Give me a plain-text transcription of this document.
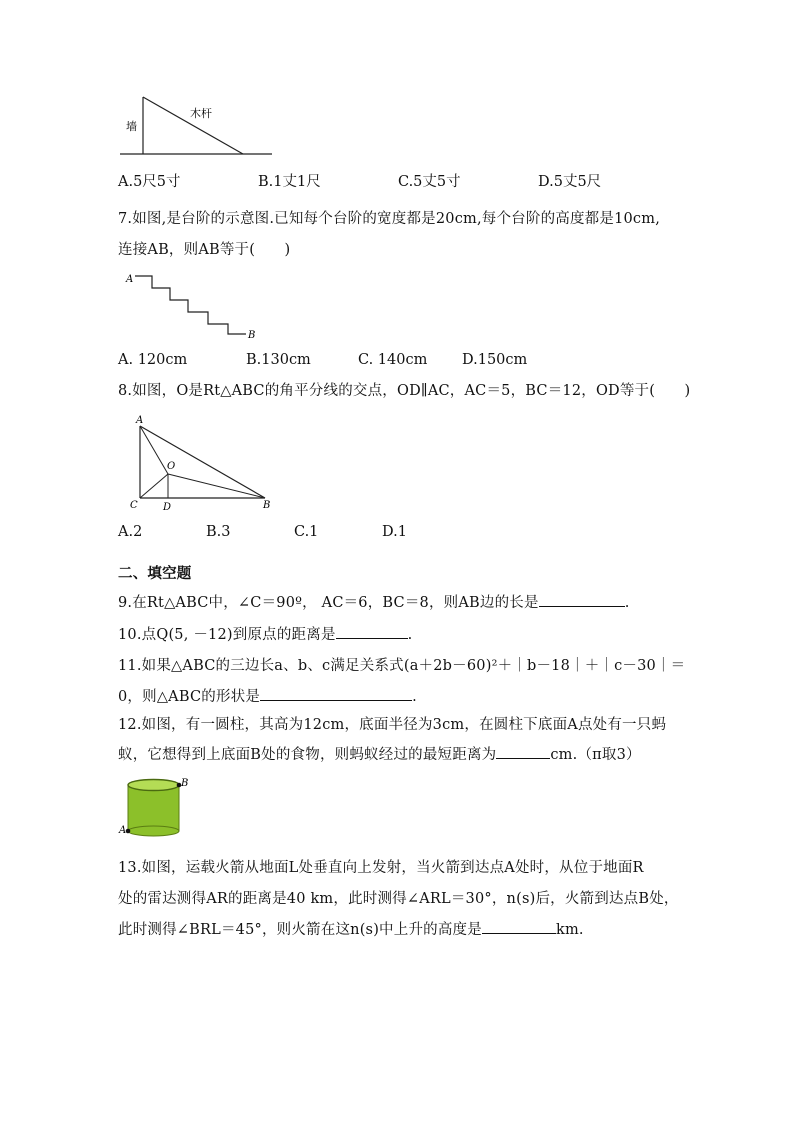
墙
木杆
A.5尺5寸	B.1丈1尺	C.5丈5寸	D.5丈5尺
7.如图,是台阶的示意图.已知每个台阶的宽度都是20cm,每个台阶的高度都是10cm,
连接AB，则AB等于(　　)
A
B
A. 120cm	B.130cm	C. 140cm D.150cm
8.如图，O是Rt△ABC的角平分线的交点，OD∥AC，AC＝5，BC＝12，OD等于(　　)
A
O
C	D	B
A.2	B.3	C.1	D.1
二、填空题
9.在Rt△ABC中，∠C＝90º， AC＝6，BC＝8，则AB边的长是	.
10.点Q(5, －12)到原点的距离是	.
11.如果△ABC的三边长a、b、c满足关系式(a＋2b－60)²＋｜b－18｜＋｜c－30｜＝
0，则△ABC的形状是	.
12.如图，有一圆柱，其高为12cm，底面半径为3cm，在圆柱下底面A点处有一只蚂
蚁，它想得到上底面B处的食物，则蚂蚁经过的最短距离为	cm.（π取3）
B
A
13.如图，运载火箭从地面L处垂直向上发射，当火箭到达点A处时，从位于地面R
处的雷达测得AR的距离是40 km，此时测得∠ARL＝30°，n(s)后，火箭到达点B处，
此时测得∠BRL＝45°，则火箭在这n(s)中上升的高度是	km.
